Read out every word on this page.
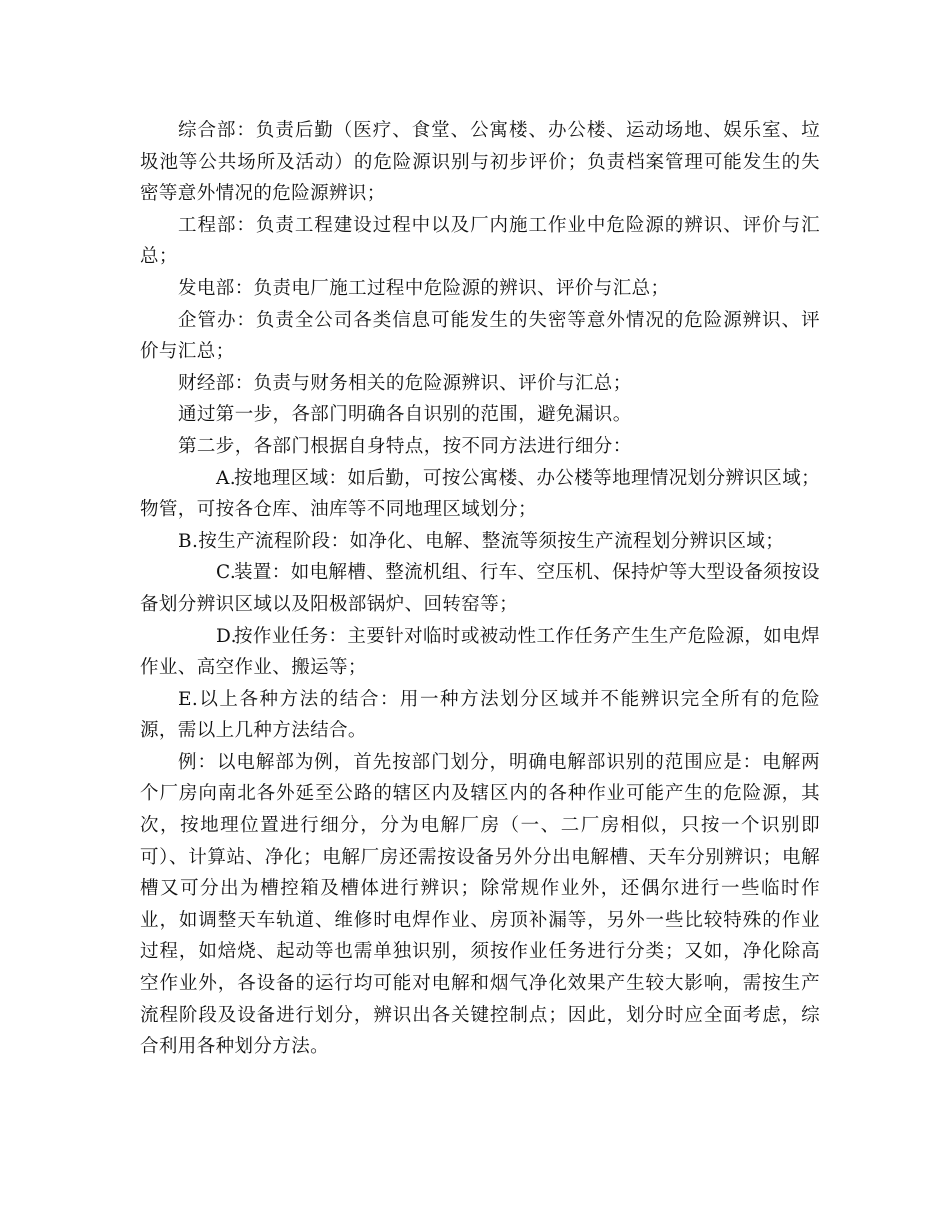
综合部：负责后勤（医疗、食堂、公寓楼、办公楼、运动场地、娱乐室、垃圾池等公共场所及活动）的危险源识别与初步评价；负责档案管理可能发生的失密等意外情况的危险源辨识；

工程部：负责工程建设过程中以及厂内施工作业中危险源的辨识、评价与汇总；

发电部：负责电厂施工过程中危险源的辨识、评价与汇总；

企管办：负责全公司各类信息可能发生的失密等意外情况的危险源辨识、评价与汇总；

财经部：负责与财务相关的危险源辨识、评价与汇总；

通过第一步，各部门明确各自识别的范围，避免漏识。

第二步，各部门根据自身特点，按不同方法进行细分：

A.按地理区域：如后勤，可按公寓楼、办公楼等地理情况划分辨识区域；物管，可按各仓库、油库等不同地理区域划分；

B.按生产流程阶段：如净化、电解、整流等须按生产流程划分辨识区域；

C.装置：如电解槽、整流机组、行车、空压机、保持炉等大型设备须按设备划分辨识区域以及阳极部锅炉、回转窑等；

D.按作业任务：主要针对临时或被动性工作任务产生生产危险源，如电焊作业、高空作业、搬运等；

E.以上各种方法的结合：用一种方法划分区域并不能辨识完全所有的危险源，需以上几种方法结合。

例：以电解部为例，首先按部门划分，明确电解部识别的范围应是：电解两个厂房向南北各外延至公路的辖区内及辖区内的各种作业可能产生的危险源，其次，按地理位置进行细分，分为电解厂房（一、二厂房相似，只按一个识别即可）、计算站、净化；电解厂房还需按设备另外分出电解槽、天车分别辨识；电解槽又可分出为槽控箱及槽体进行辨识；除常规作业外，还偶尔进行一些临时作业，如调整天车轨道、维修时电焊作业、房顶补漏等，另外一些比较特殊的作业过程，如焙烧、起动等也需单独识别，须按作业任务进行分类；又如，净化除高空作业外，各设备的运行均可能对电解和烟气净化效果产生较大影响，需按生产流程阶段及设备进行划分，辨识出各关键控制点；因此，划分时应全面考虑，综合利用各种划分方法。
